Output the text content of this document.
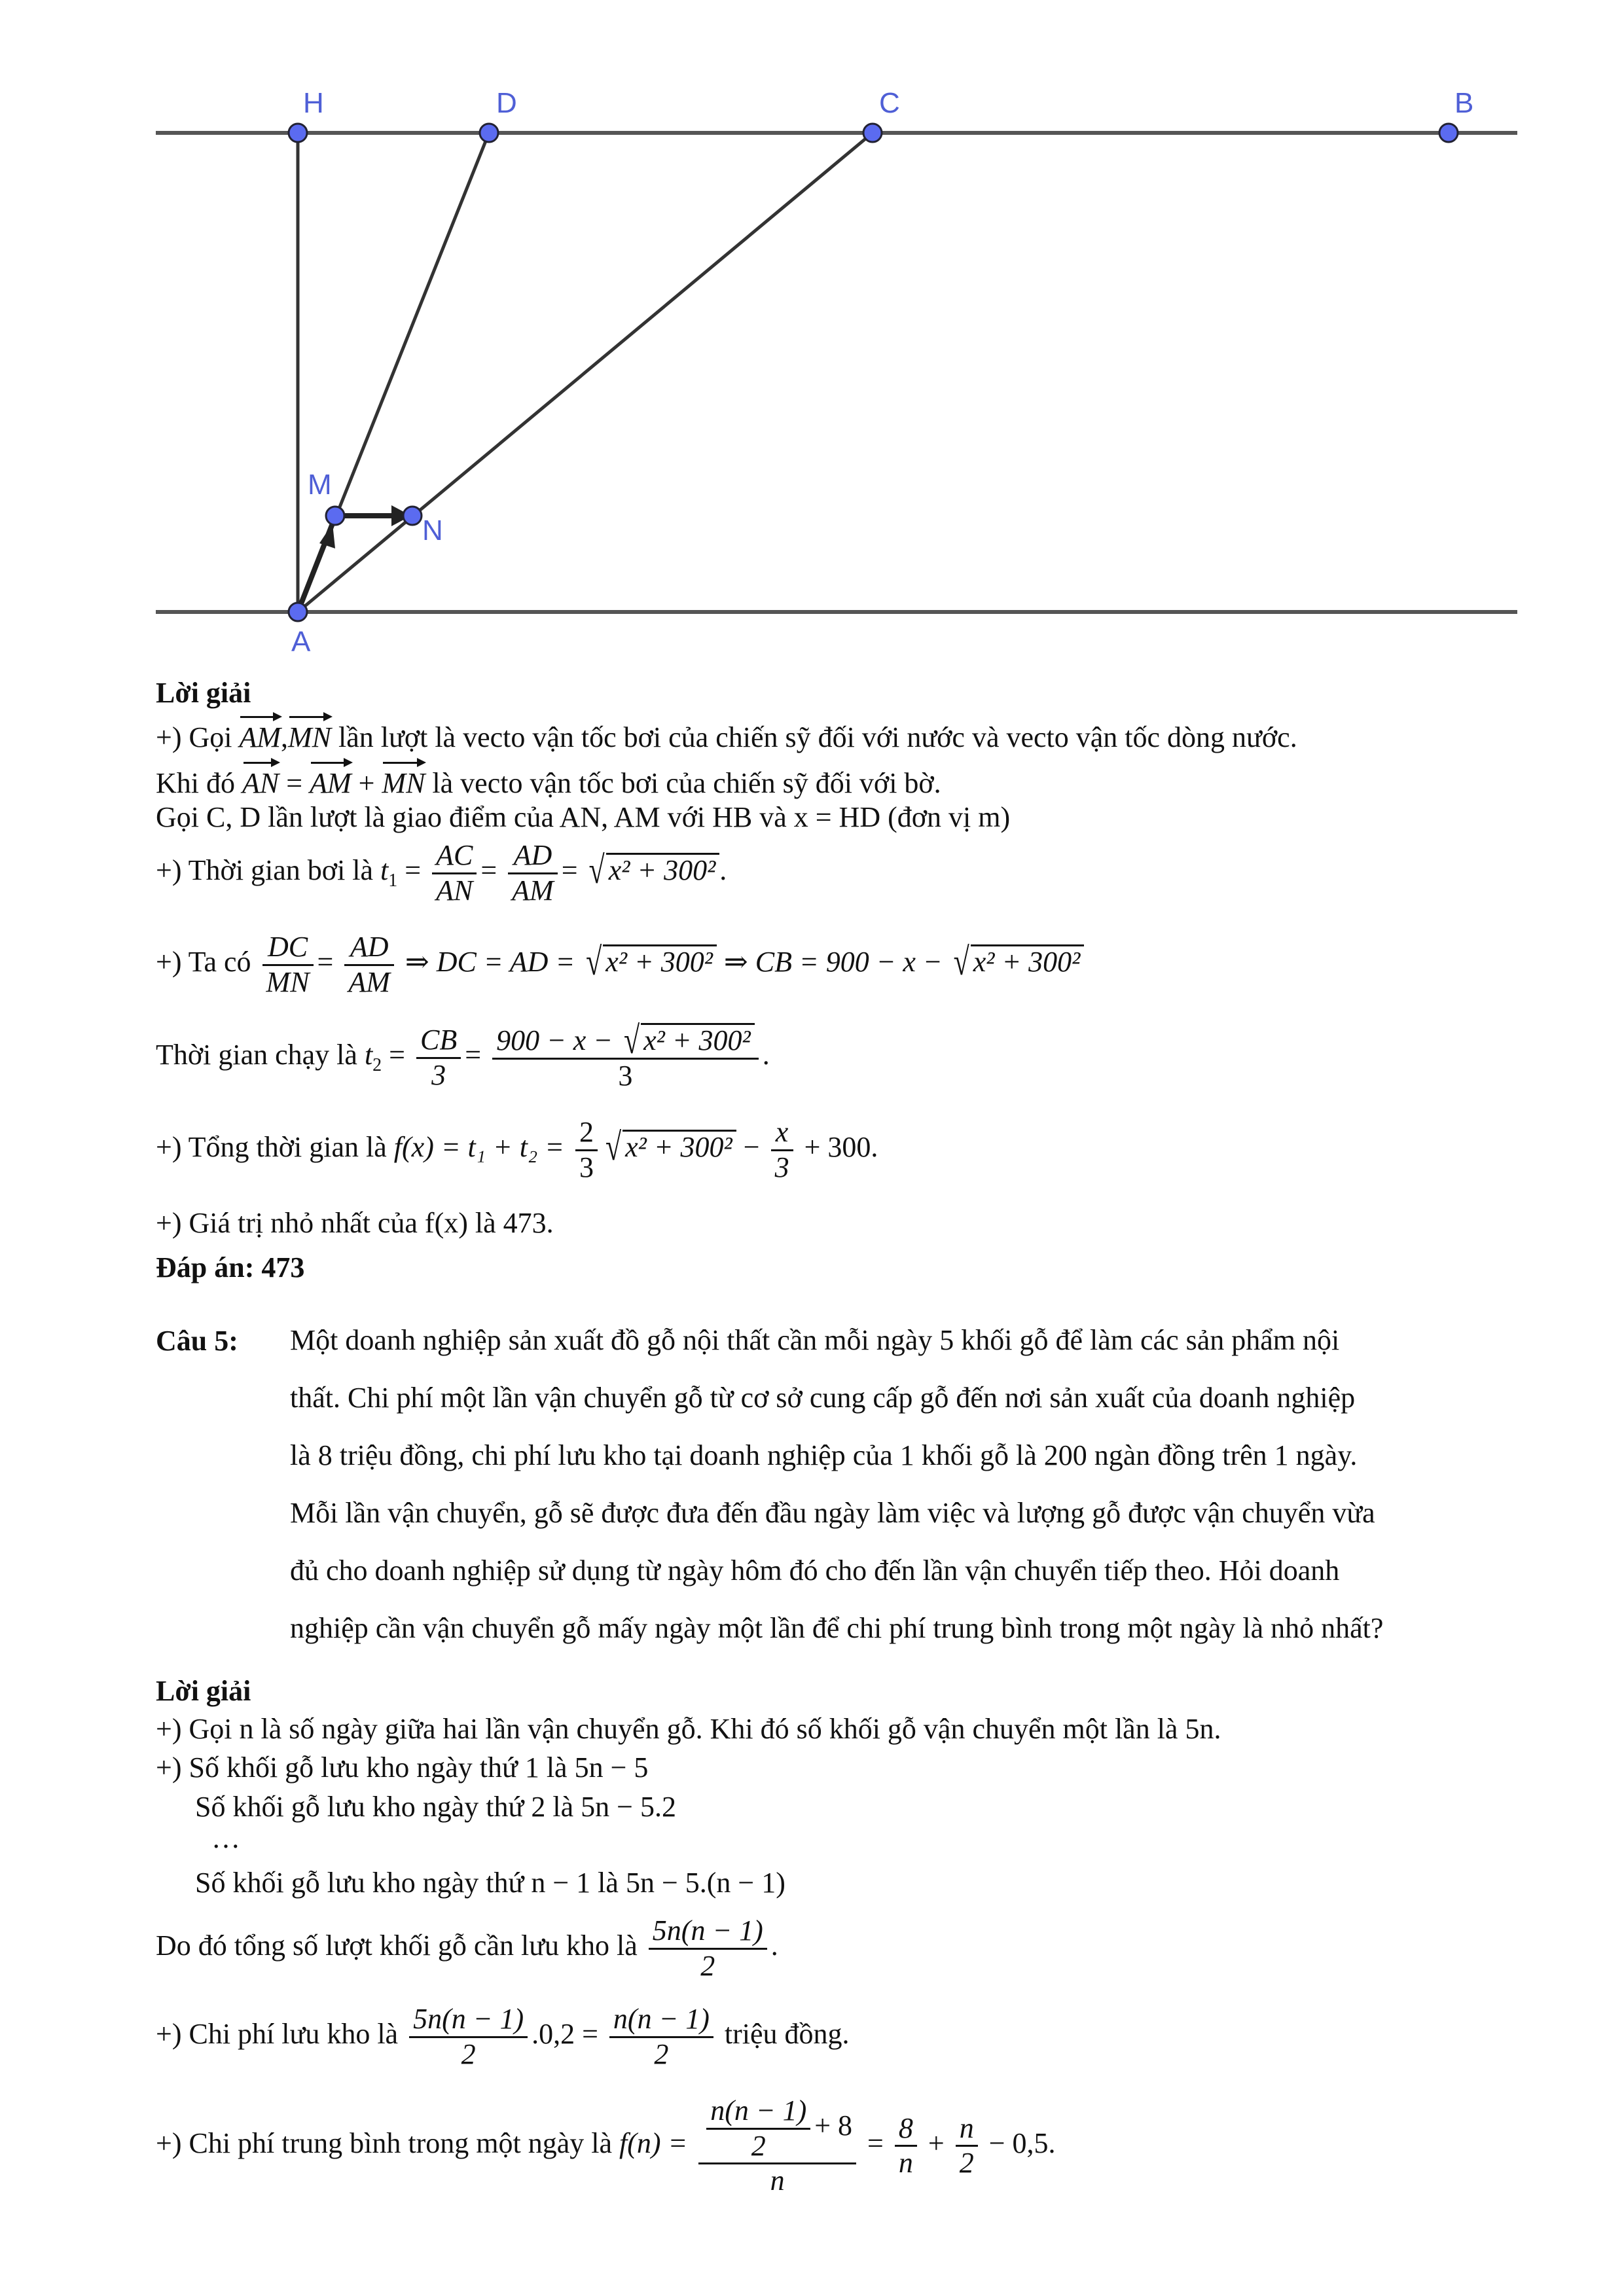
H	D	C	B
M
N
A
Lời giải
+) Gọi AM,MN lần lượt là vecto vận tốc bơi của chiến sỹ đối với nước và vecto vận tốc dòng nước.
Khi đó AN = AM + MN là vecto vận tốc bơi của chiến sỹ đối với bờ.
Gọi C, D lần lượt là giao điểm của AN, AM với HB và x = HD (đơn vị m)
+) Thời gian bơi là $t_1 = \frac{AC}{AN} = \frac{AD}{AM}$ = √ x² + 300² .
+) Ta có $\frac{DC}{MN} = \frac{AD}{AM}$ ⇒ DC = AD = √ x² + 300² ⇒ CB = 900 − x − √ x² + 300²
Thời gian chạy là $t_2 = \frac{CB}{3} = \frac{\text{900 − x − √ x² + 300²}}{3}$ .
+) Tổng thời gian là $f(x) = t_1 + t_2 = \frac{2}{3}$ √ $x^2 + 300^2 - \frac{x}{3} + 300$.
+) Giá trị nhỏ nhất của f(x) là 473.
Đáp án: 473
Câu 5: Một doanh nghiệp sản xuất đồ gỗ nội thất cần mỗi ngày 5 khối gỗ để làm các sản phẩm nội
thất. Chi phí một lần vận chuyển gỗ từ cơ sở cung cấp gỗ đến nơi sản xuất của doanh nghiệp
là 8 triệu đồng, chi phí lưu kho tại doanh nghiệp của 1 khối gỗ là 200 ngàn đồng trên 1 ngày.
Mỗi lần vận chuyển, gỗ sẽ được đưa đến đầu ngày làm việc và lượng gỗ được vận chuyển vừa
đủ cho doanh nghiệp sử dụng từ ngày hôm đó cho đến lần vận chuyển tiếp theo. Hỏi doanh
nghiệp cần vận chuyển gỗ mấy ngày một lần để chi phí trung bình trong một ngày là nhỏ nhất?
Lời giải
+) Gọi n là số ngày giữa hai lần vận chuyển gỗ. Khi đó số khối gỗ vận chuyển một lần là 5n.
+) Số khối gỗ lưu kho ngày thứ 1 là 5n − 5
Số khối gỗ lưu kho ngày thứ 2 là 5n − 5.2
…
Số khối gỗ lưu kho ngày thứ n − 1 là 5n − 5.(n − 1)
Do đó tổng số lượt khối gỗ cần lưu kho là $\frac{5n(n - 1)}{2}$ .
+) Chi phí lưu kho là $\frac{5n(n - 1)}{2} .0,2 = \frac{n(n - 1)}{2}$ triệu đồng.
+) Chi phí trung bình trong một ngày là $f(n) = \frac{\frac{n(n - 1)}{2} + 8}{n} = \frac{8}{n} + \frac{n}{2} - 0,5$.
